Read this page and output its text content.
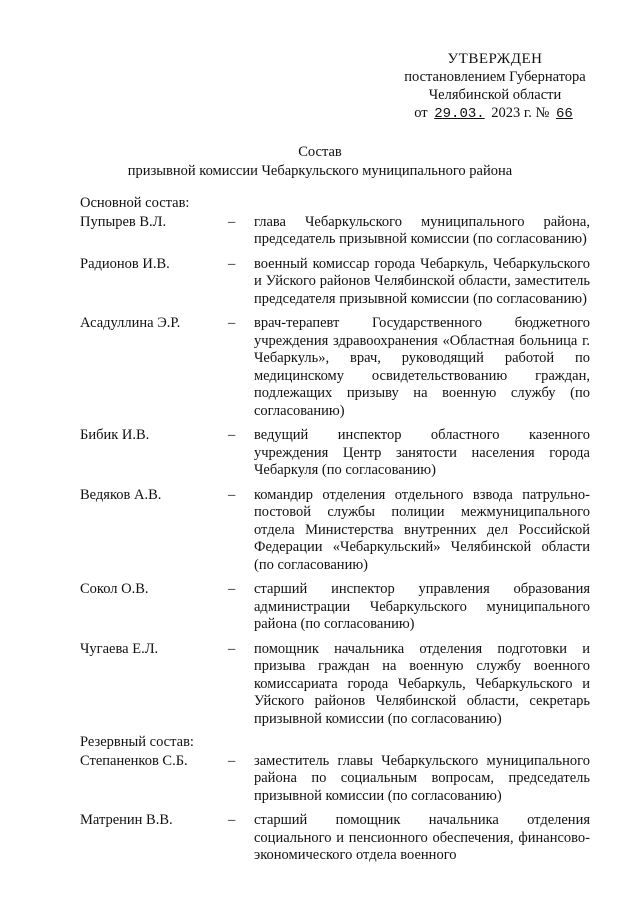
УТВЕРЖДЕН
постановлением Губернатора
Челябинской области
от 29.03. 2023 г. № 66
Состав
призывной комиссии Чебаркульского муниципального района
Основной состав:
Пупырев В.Л.	–	глава Чебаркульского муниципального района, председатель призывной комиссии (по согласованию)
Радионов И.В.	–	военный комиссар города Чебаркуль, Чебаркульского и Уйского районов Челябинской области, заместитель председателя призывной комиссии (по согласованию)
Асадуллина Э.Р.	–	врач-терапевт Государственного бюджетного учреждения здравоохранения «Областная больница г. Чебаркуль», врач, руководящий работой по медицинскому освидетельствованию граждан, подлежащих призыву на военную службу (по согласованию)
Бибик И.В.	–	ведущий инспектор областного казенного учреждения Центр занятости населения города Чебаркуля (по согласованию)
Ведяков А.В.	–	командир отделения отдельного взвода патрульно-постовой службы полиции межмуниципального отдела Министерства внутренних дел Российской Федерации «Чебаркульский» Челябинской области (по согласованию)
Сокол О.В.	–	старший инспектор управления образования администрации Чебаркульского муниципального района (по согласованию)
Чугаева Е.Л.	–	помощник начальника отделения подготовки и призыва граждан на военную службу военного комиссариата города Чебаркуль, Чебаркульского и Уйского районов Челябинской области, секретарь призывной комиссии (по согласованию)
Резервный состав:
Степаненков С.Б.	–	заместитель главы Чебаркульского муниципального района по социальным вопросам, председатель призывной комиссии (по согласованию)
Матренин В.В.	–	старший помощник начальника отделения социального и пенсионного обеспечения, финансово-экономического отдела военного
